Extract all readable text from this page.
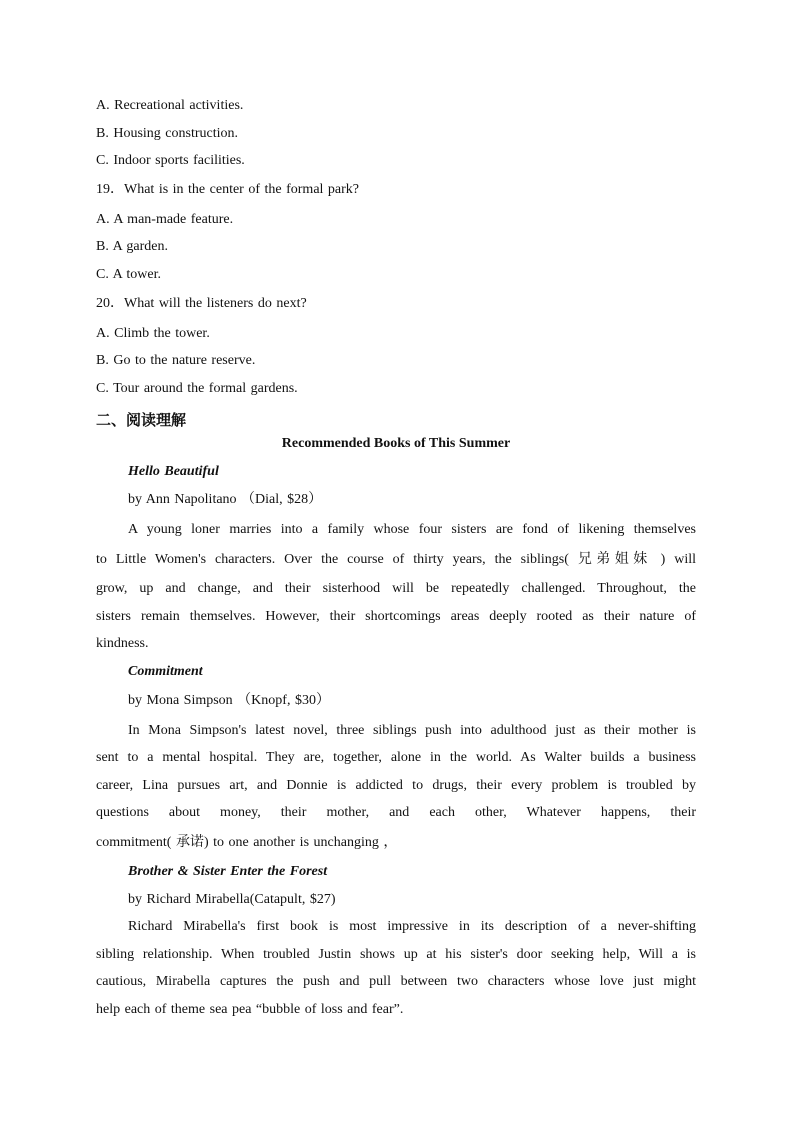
A. Recreational activities.
B. Housing construction.
C. Indoor sports facilities.
19．What is in the center of the formal park?
A. A man-made feature.
B. A garden.
C. A tower.
20．What will the listeners do next?
A. Climb the tower.
B. Go to the nature reserve.
C. Tour around the formal gardens.
二、阅读理解
Recommended Books of This Summer
Hello Beautiful
by Ann Napolitano （Dial, $28）
A young loner marries into a family whose four sisters are fond of likening themselves
to Little Women's characters. Over the course of thirty years, the siblings( 兄弟姐妹 ) will
grow, up and change, and their sisterhood will be repeatedly challenged. Throughout, the
sisters remain themselves. However, their shortcomings areas deeply rooted as their nature of
kindness.
Commitment
by Mona Simpson （Knopf, $30）
In Mona Simpson's latest novel, three siblings push into adulthood just as their mother is
sent to a mental hospital. They are, together, alone in the world. As Walter builds a business
career, Lina pursues art, and Donnie is addicted to drugs, their every problem is troubled by
questions about money, their mother, and each other, Whatever happens, their
commitment( 承诺) to one another is unchanging ，
Brother & Sister Enter the Forest
by Richard Mirabella(Catapult, $27)
Richard Mirabella's first book is most impressive in its description of a never-shifting
sibling relationship. When troubled Justin shows up at his sister's door seeking help, Will a is
cautious, Mirabella captures the push and pull between two characters whose love just might
help each of theme sea pea “bubble of loss and fear”.
